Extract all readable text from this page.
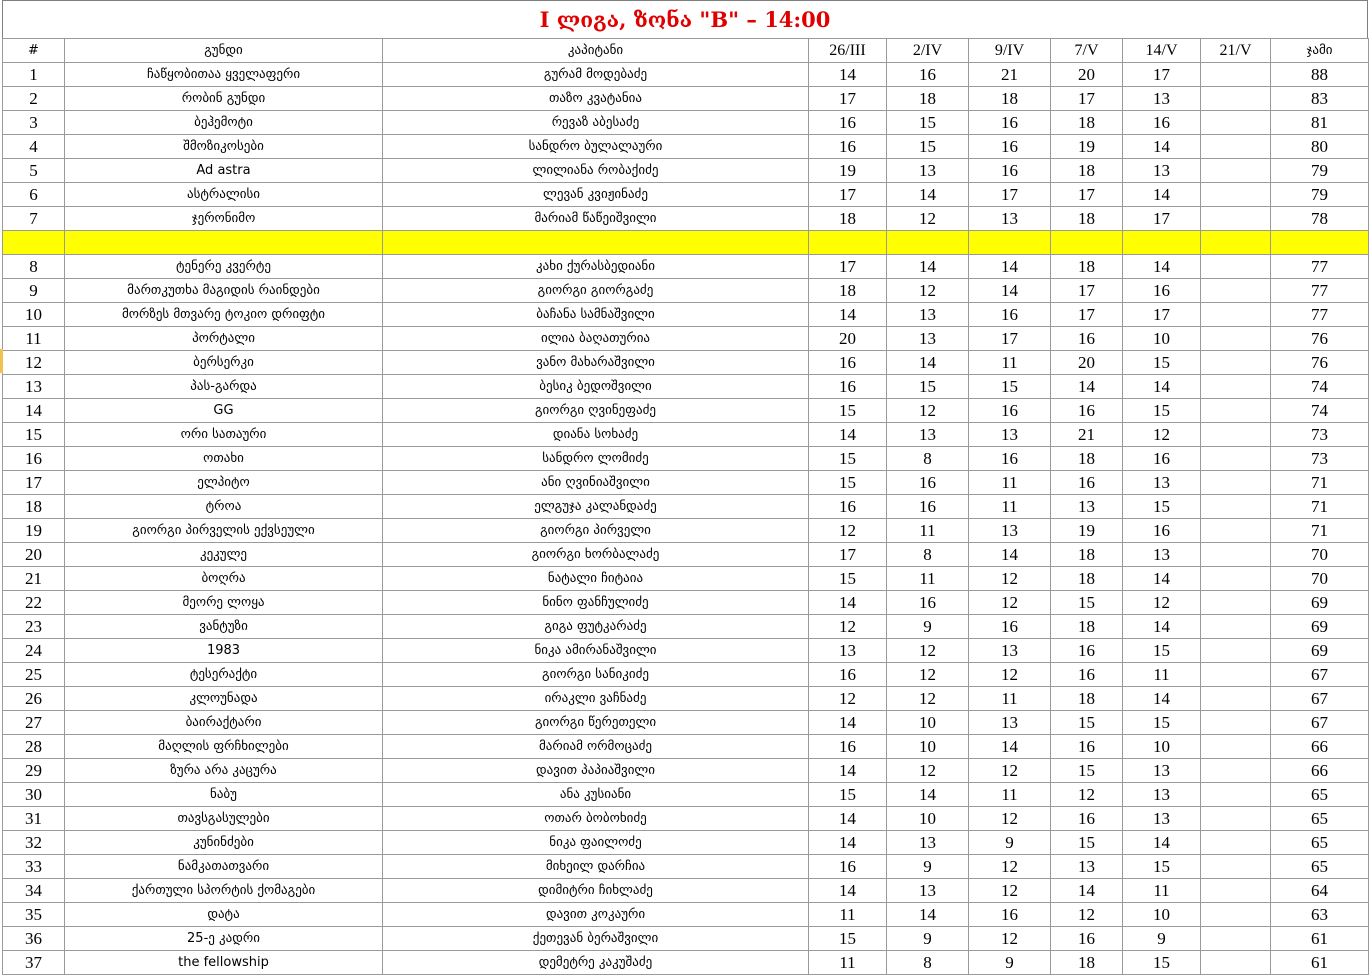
I ლიგა, ზონა "B" – 14:00
#	გუნდი	კაპიტანი	26/III	2/IV	9/IV	7/V	14/V	21/V	ჯამი
1	ჩაწყობითაა ყველაფერი	გურამ მოდებაძე	14	16	21	20	17		88
2	რობინ გუნდი	თაზო კვატანია	17	18	18	17	13		83
3	ბეჰემოტი	რევაზ აბესაძე	16	15	16	18	16		81
4	შმოზიკოსები	სანდრო ბულალაური	16	15	16	19	14		80
5	Ad astra	ლილიანა რობაქიძე	19	13	16	18	13		79
6	ასტრალისი	ლევან კვიჟინაძე	17	14	17	17	14		79
7	ჯერონიმო	მარიამ წაწეიშვილი	18	12	13	18	17		78

8	ტენერე კვერტე	კახი ქურასბედიანი	17	14	14	18	14		77
9	მართკუთხა მაგიდის რაინდები	გიორგი გიორგაძე	18	12	14	17	16		77
10	მორზეს მთვარე ტოკიო დრიფტი	ბაჩანა სამნაშვილი	14	13	16	17	17		77
11	პორტალი	ილია ბაღათურია	20	13	17	16	10		76
12	ბერსერკი	ვანო მახარაშვილი	16	14	11	20	15		76
13	პას-გარდა	ბესიკ ბედოშვილი	16	15	15	14	14		74
14	GG	გიორგი ღვინეფაძე	15	12	16	16	15		74
15	ორი სათაური	დიანა სოხაძე	14	13	13	21	12		73
16	ოთახი	სანდრო ლომიძე	15	8	16	18	16		73
17	ელპიტო	ანი ღვინიაშვილი	15	16	11	16	13		71
18	ტროა	ელგუჯა კალანდაძე	16	16	11	13	15		71
19	გიორგი პირველის ექვსეული	გიორგი პირველი	12	11	13	19	16		71
20	კეკულე	გიორგი ხორბალაძე	17	8	14	18	13		70
21	ბოღრა	ნატალი ჩიტაია	15	11	12	18	14		70
22	მეორე ლოყა	ნინო ფანჩულიძე	14	16	12	15	12		69
23	ვანტუზი	გიგა ფუტკარაძე	12	9	16	18	14		69
24	1983	ნიკა ამირანაშვილი	13	12	13	16	15		69
25	ტესერაქტი	გიორგი სანიკიძე	16	12	12	16	11		67
26	კლოუნადა	ირაკლი ვაჩნაძე	12	12	11	18	14		67
27	ბაირაქტარი	გიორგი წერეთელი	14	10	13	15	15		67
28	მაღლის ფრჩხილები	მარიამ ორმოცაძე	16	10	14	16	10		66
29	ზურა არა კაცურა	დავით პაპიაშვილი	14	12	12	15	13		66
30	ნაბუ	ანა კუსიანი	15	14	11	12	13		65
31	თავსგასულები	ოთარ ბობოხიძე	14	10	12	16	13		65
32	კუნინძები	ნიკა ფაილოძე	14	13	9	15	14		65
33	ნამკათათვარი	მიხეილ დარჩია	16	9	12	13	15		65
34	ქართული სპორტის ქომაგები	დიმიტრი ჩიხლაძე	14	13	12	14	11		64
35	დატა	დავით კოკაური	11	14	16	12	10		63
36	25-ე კადრი	ქეთევან ბერაშვილი	15	9	12	16	9		61
37	the fellowship	დემეტრე კაკუშაძე	11	8	9	18	15		61
